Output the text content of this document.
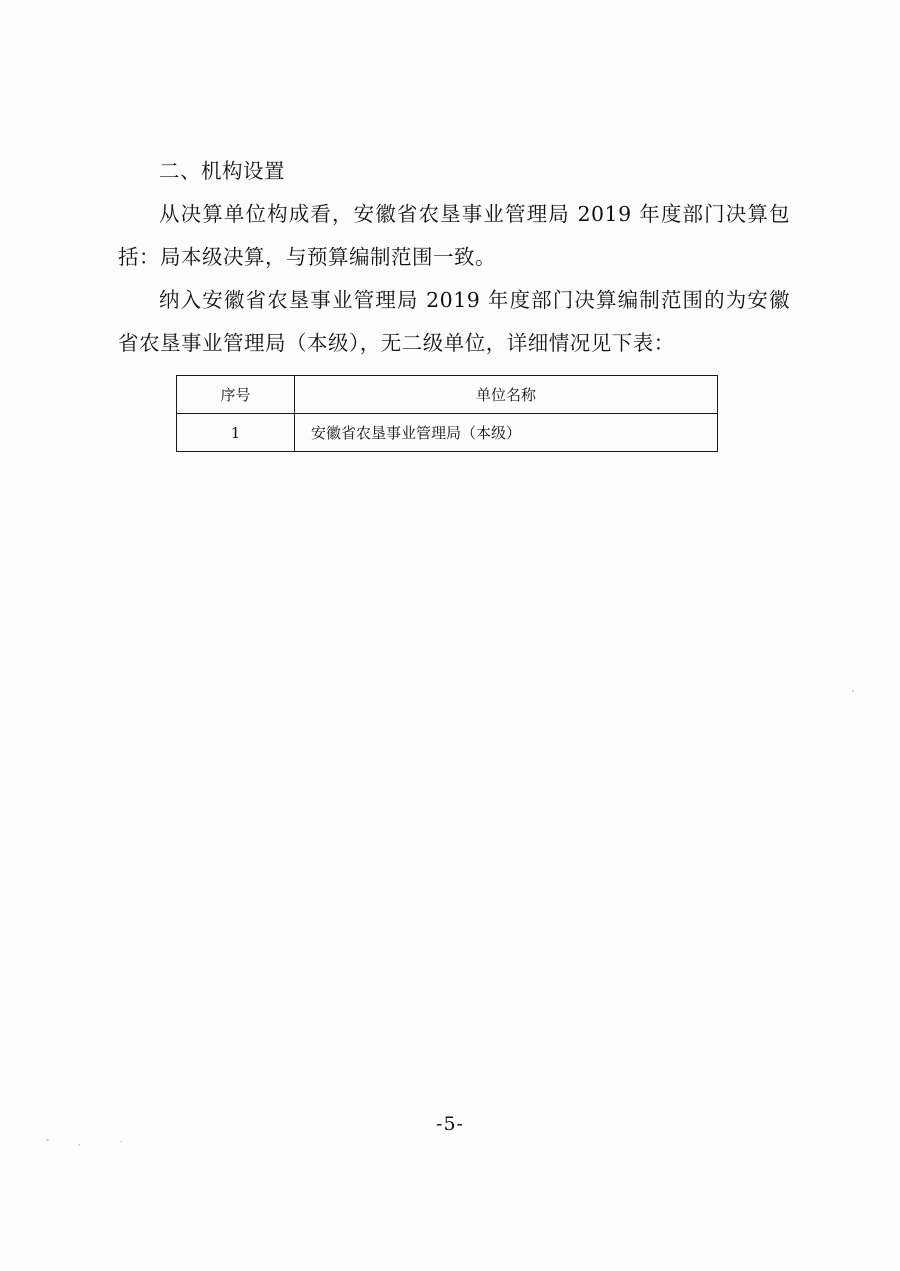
二、机构设置

从决算单位构成看，安徽省农垦事业管理局 2019 年度部门决算包括：局本级决算，与预算编制范围一致。

纳入安徽省农垦事业管理局 2019 年度部门决算编制范围的为安徽省农垦事业管理局（本级），无二级单位，详细情况见下表：

序号	单位名称
1	安徽省农垦事业管理局（本级）
-5-
